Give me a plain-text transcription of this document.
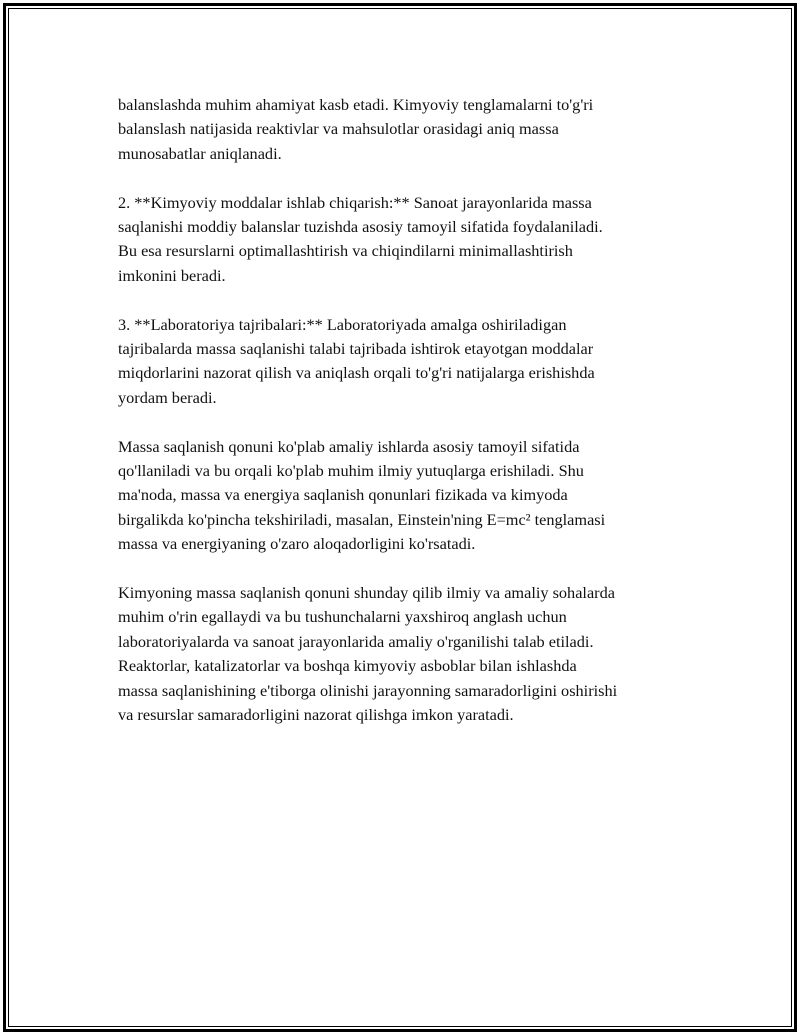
balanslashda muhim ahamiyat kasb etadi. Kimyoviy tenglamalarni to'g'ri
balanslash natijasida reaktivlar va mahsulotlar orasidagi aniq massa
munosabatlar aniqlanadi.

2. **Kimyoviy moddalar ishlab chiqarish:** Sanoat jarayonlarida massa
saqlanishi moddiy balanslar tuzishda asosiy tamoyil sifatida foydalaniladi.
Bu esa resurslarni optimallashtirish va chiqindilarni minimallashtirish
imkonini beradi.

3. **Laboratoriya tajribalari:** Laboratoriyada amalga oshiriladigan
tajribalarda massa saqlanishi talabi tajribada ishtirok etayotgan moddalar
miqdorlarini nazorat qilish va aniqlash orqali to'g'ri natijalarga erishishda
yordam beradi.

Massa saqlanish qonuni ko'plab amaliy ishlarda asosiy tamoyil sifatida
qo'llaniladi va bu orqali ko'plab muhim ilmiy yutuqlarga erishiladi. Shu
ma'noda, massa va energiya saqlanish qonunlari fizikada va kimyoda
birgalikda ko'pincha tekshiriladi, masalan, Einstein'ning E=mc² tenglamasi
massa va energiyaning o'zaro aloqadorligini ko'rsatadi.

Kimyoning massa saqlanish qonuni shunday qilib ilmiy va amaliy sohalarda
muhim o'rin egallaydi va bu tushunchalarni yaxshiroq anglash uchun
laboratoriyalarda va sanoat jarayonlarida amaliy o'rganilishi talab etiladi.
Reaktorlar, katalizatorlar va boshqa kimyoviy asboblar bilan ishlashda
massa saqlanishining e'tiborga olinishi jarayonning samaradorligini oshirishi
va resurslar samaradorligini nazorat qilishga imkon yaratadi.
